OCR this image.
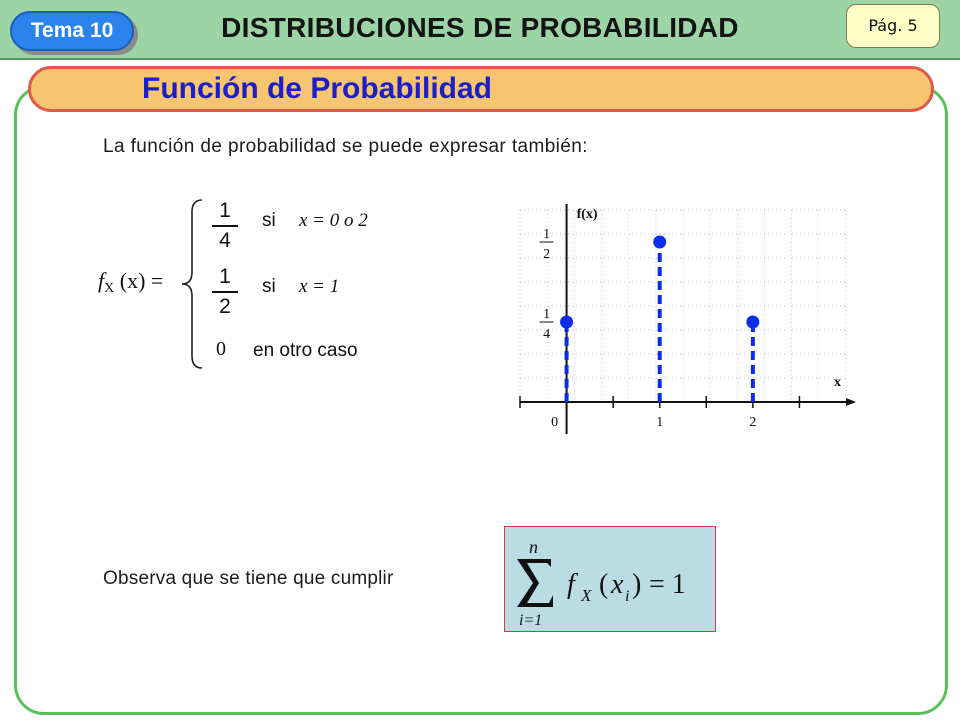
DISTRIBUCIONES DE PROBABILIDAD
Tema 10	Pág. 5
Función de Probabilidad
La función de probabilidad se puede expresar también:
fX (x) =
1
4
si x = 0 o 2
1
2
si x = 1
0 en otro caso
0	1	2
1
4
1
2
f(x)
x
Observa que se tiene que cumplir
n
i=1
f X ( x i ) = 1
